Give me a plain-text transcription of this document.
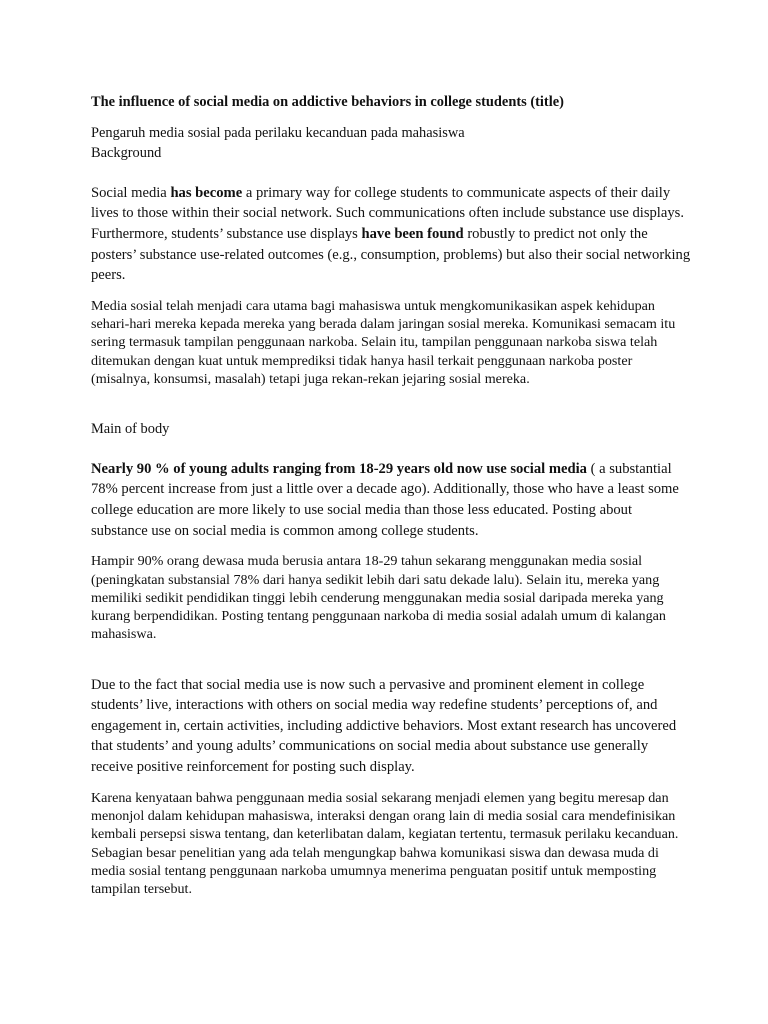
The influence of social media on addictive behaviors in college students (title)

Pengaruh media sosial pada perilaku kecanduan pada mahasiswa

Background

Social media has become a primary way for college students to communicate aspects of their daily lives to those within their social network. Such communications often include substance use displays. Furthermore, students’ substance use displays have been found robustly to predict not only the posters’ substance use-related outcomes (e.g., consumption, problems) but also their social networking peers.

Media sosial telah menjadi cara utama bagi mahasiswa untuk mengkomunikasikan aspek kehidupan sehari-hari mereka kepada mereka yang berada dalam jaringan sosial mereka. Komunikasi semacam itu sering termasuk tampilan penggunaan narkoba. Selain itu, tampilan penggunaan narkoba siswa telah ditemukan dengan kuat untuk memprediksi tidak hanya hasil terkait penggunaan narkoba poster (misalnya, konsumsi, masalah) tetapi juga rekan-rekan jejaring sosial mereka.

Main of body

Nearly 90 % of young adults ranging from 18-29 years old now use social media ( a substantial 78% percent increase from just a little over a decade ago). Additionally, those who have a least some college education are more likely to use social media than those less educated. Posting about substance use on social media is common among college students.

Hampir 90% orang dewasa muda berusia antara 18-29 tahun sekarang menggunakan media sosial (peningkatan substansial 78% dari hanya sedikit lebih dari satu dekade lalu). Selain itu, mereka yang memiliki sedikit pendidikan tinggi lebih cenderung menggunakan media sosial daripada mereka yang kurang berpendidikan. Posting tentang penggunaan narkoba di media sosial adalah umum di kalangan mahasiswa.

Due to the fact that social media use is now such a pervasive and prominent element in college students’ live, interactions with others on social media way redefine students’ perceptions of, and engagement in, certain activities, including addictive behaviors. Most extant research has uncovered that students’ and young adults’ communications on social media about substance use generally receive positive reinforcement for posting such display.

Karena kenyataan bahwa penggunaan media sosial sekarang menjadi elemen yang begitu meresap dan menonjol dalam kehidupan mahasiswa, interaksi dengan orang lain di media sosial cara mendefinisikan kembali persepsi siswa tentang, dan keterlibatan dalam, kegiatan tertentu, termasuk perilaku kecanduan. Sebagian besar penelitian yang ada telah mengungkap bahwa komunikasi siswa dan dewasa muda di media sosial tentang penggunaan narkoba umumnya menerima penguatan positif untuk memposting tampilan tersebut.
